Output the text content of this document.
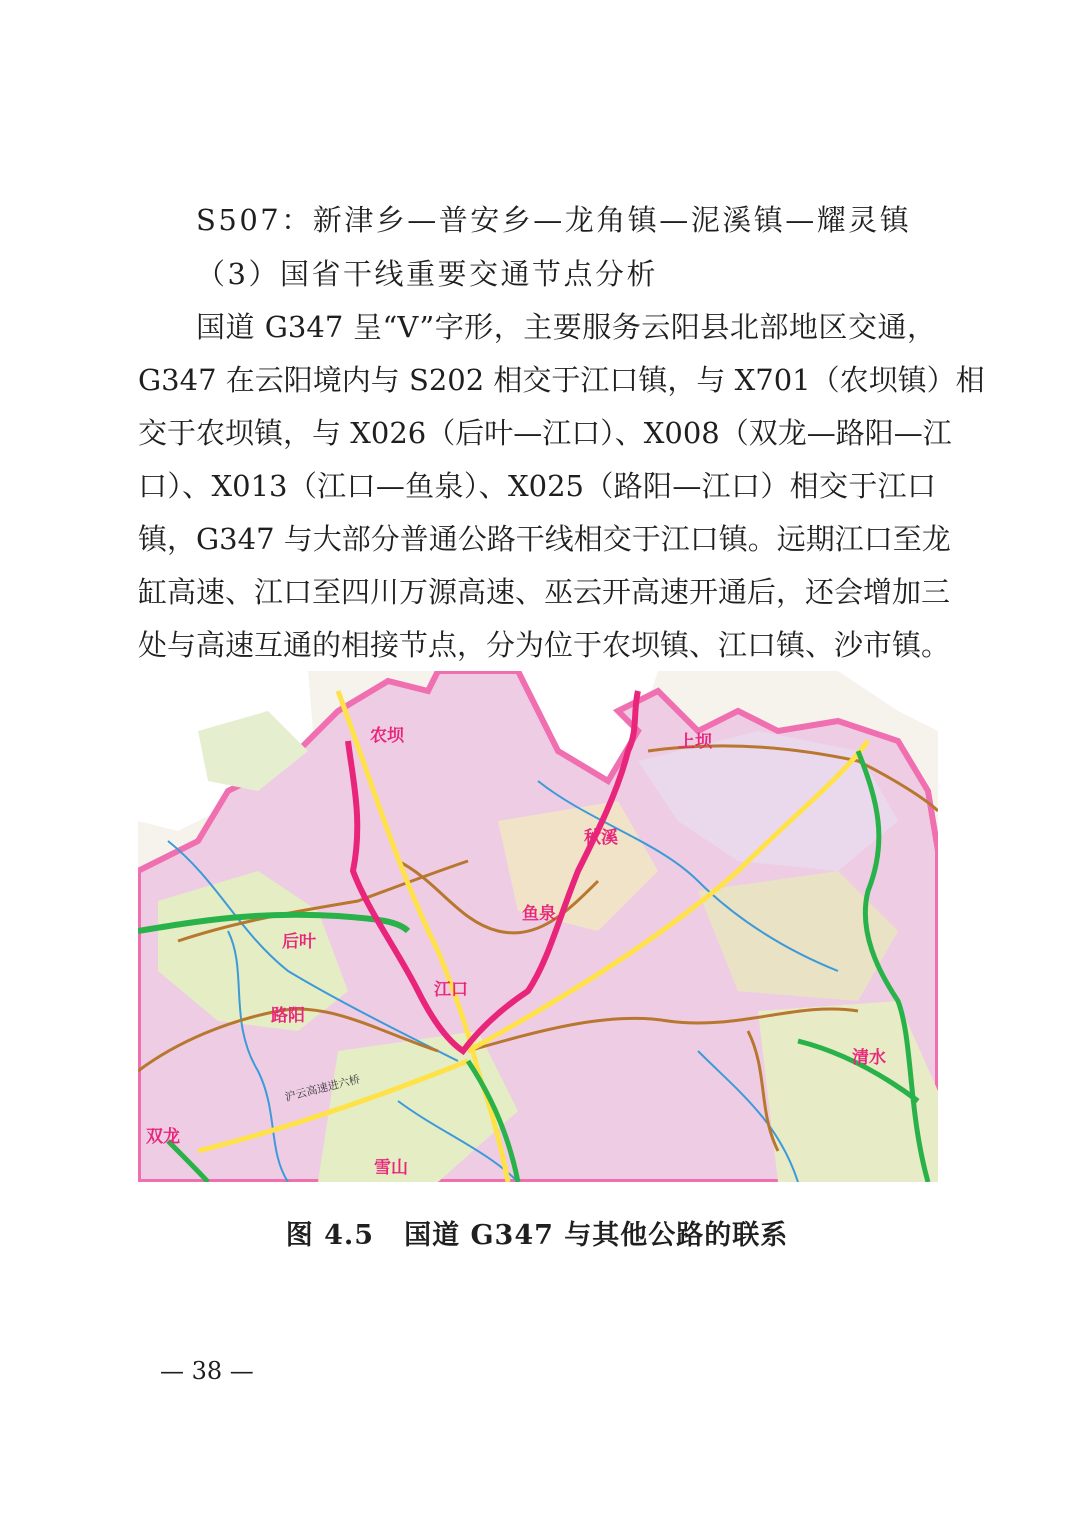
S507：新津乡—普安乡—龙角镇—泥溪镇—耀灵镇
（3）国省干线重要交通节点分析
国道 G347 呈“V”字形，主要服务云阳县北部地区交通，
G347 在云阳境内与 S202 相交于江口镇，与 X701（农坝镇）相
交于农坝镇，与 X026（后叶—江口）、X008（双龙—路阳—江
口）、X013（江口—鱼泉）、X025（路阳—江口）相交于江口
镇，G347 与大部分普通公路干线相交于江口镇。远期江口至龙
缸高速、江口至四川万源高速、巫云开高速开通后，还会增加三
处与高速互通的相接节点，分为位于农坝镇、江口镇、沙市镇。
农坝	上坝
后叶
鱼泉
江口
路阳
双龙
秋溪
清水
雪山
沪云高速进六桥
图 4.5 国道 G347 与其他公路的联系
— 38 —
